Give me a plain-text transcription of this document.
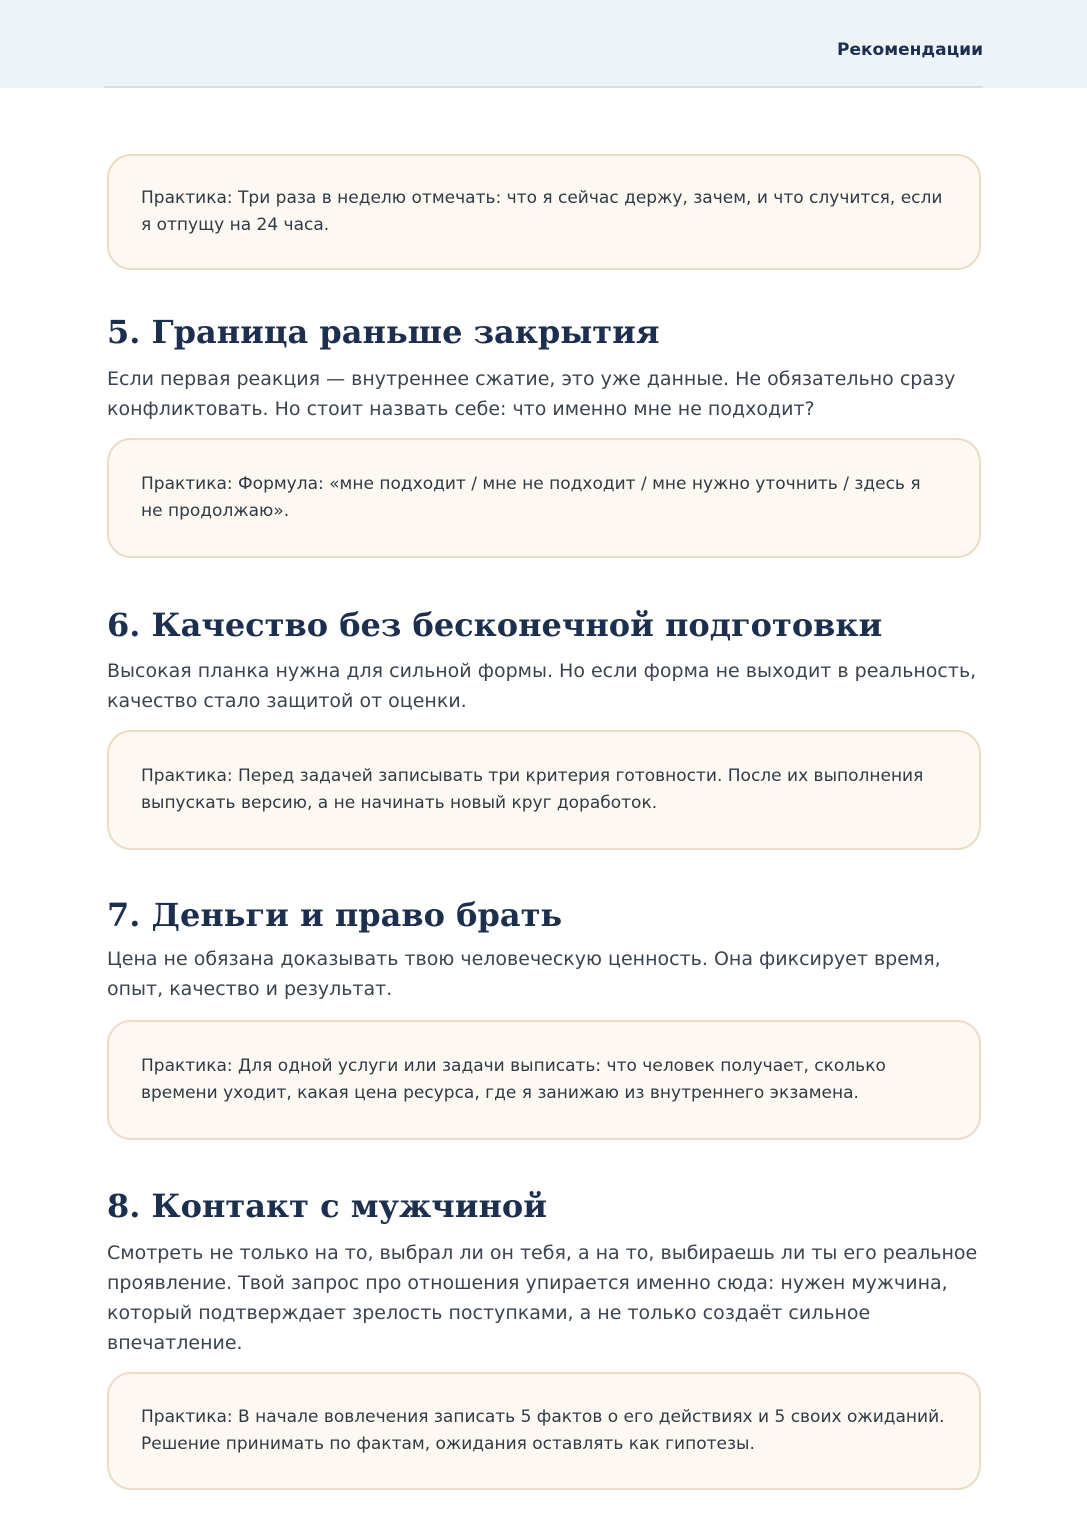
Рекомендации

Практика: Три раза в неделю отмечать: что я сейчас держу, зачем, и что случится, если я отпущу на 24 часа.

5. Граница раньше закрытия

Если первая реакция — внутреннее сжатие, это уже данные. Не обязательно сразу конфликтовать. Но стоит назвать себе: что именно мне не подходит?

Практика: Формула: «мне подходит / мне не подходит / мне нужно уточнить / здесь я не продолжаю».

6. Качество без бесконечной подготовки

Высокая планка нужна для сильной формы. Но если форма не выходит в реальность, качество стало защитой от оценки.

Практика: Перед задачей записывать три критерия готовности. После их выполнения выпускать версию, а не начинать новый круг доработок.

7. Деньги и право брать

Цена не обязана доказывать твою человеческую ценность. Она фиксирует время, опыт, качество и результат.

Практика: Для одной услуги или задачи выписать: что человек получает, сколько времени уходит, какая цена ресурса, где я занижаю из внутреннего экзамена.

8. Контакт с мужчиной

Смотреть не только на то, выбрал ли он тебя, а на то, выбираешь ли ты его реальное проявление. Твой запрос про отношения упирается именно сюда: нужен мужчина, который подтверждает зрелость поступками, а не только создаёт сильное впечатление.

Практика: В начале вовлечения записать 5 фактов о его действиях и 5 своих ожиданий. Решение принимать по фактам, ожидания оставлять как гипотезы.
